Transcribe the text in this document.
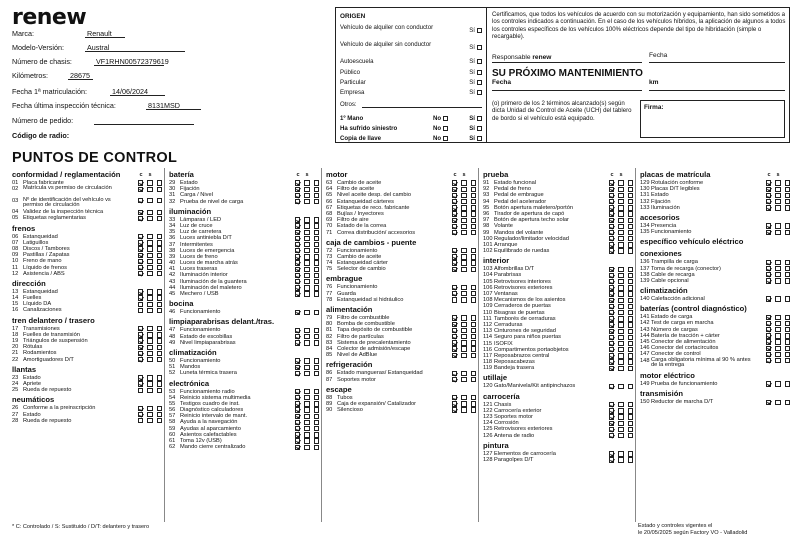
renew
Marca:	Renault
Modelo-Versión:	Austral
Número de chasis:	VF1RHN00572379619
Kilómetros:	28675
Fecha 1ª matriculación:	14/06/2024
Fecha última inspección técnica:	8131MSD
Número de pedido:
Código de radio:
ORIGEN
Vehículo de alquiler con conductor	Sí
Vehículo de alquiler sin conductor	Sí
Autoescuela	Sí
Público	Sí
Particular	Sí
Empresa	Sí
Otros:
1º Mano	No	Sí
Ha sufrido siniestro	No	Sí
Copia de llave	No	Sí
Certificamos, que todos los vehículos de acuerdo con su motorización y equipamiento, han sido sometidos a los controles indicados a continuación. En el caso de los vehículos híbridos, la aplicación de algunos a todos los controles específicos de los vehículos 100% eléctricos depende del tipo de hibridación (simple o recargable).
Responsable renew	Fecha
SU PRÓXIMO MANTENIMIENTO
Fecha	km
(o) primero de los 2 términos alcanzado(s) según dicta Unidad de Control de Aceite (UCH) del tablero de bordo si el vehículo está equipado.
Firma:
PUNTOS DE CONTROL
conformidad / reglamentación	c s
01 Placa fabricante
02 Matrícula vs permiso de circulación
03 Nº de identificación del vehículo vs permiso de circulación
04 Validez de la inspección técnica
05 Etiquetas reglamentarias
frenos
06 Estanqueidad
07 Latiguillos
08 Discos / Tambores
09 Pastillas / Zapatas
10 Freno de mano
11 Líquido de frenos
12 Asistencia / ABS
dirección
13 Estanqueidad
14 Fuelles
15 Líquido DA
16 Canalizaciones
tren delantero / trasero
17 Transmisiones
18 Fuelles de transmisión
19 Triángulos de suspensión
20 Rótulas
21 Rodamientos
22 Amortiguadores D/T
llantas
23 Estado
24 Apriete
25 Rueda de repuesto
neumáticos
26 Conforme a la preinscripción
27 Estado
28 Rueda de repuesto
batería	c s
29 Estado
30 Fijación
31 Carga / Nivel
32 Prueba de nivel de carga
iluminación
33 Lámparas / LED
34 Luz de cruce
35 Luz de carretera
36 Luces antiniebla D/T
37 Intermitentes
38 Luces de emergencia
39 Luces de freno
40 Luces de marcha atrás
41 Luces traseras
42 Iluminación interior
43 Iluminación de la guantera
44 Iluminación del maletero
45 Mechero / USB
bocina
46 Funcionamiento
limpiaparabrisas delant./tras.
47 Funcionamiento
48 Estado de escobillas
49 Nivel limpiaparabrisas
climatización
50 Funcionamiento
51 Mandos
52 Luneta térmica trasera
electrónica
53 Funcionamiento radio
54 Reinicio sistema multimedia
55 Testigos cuadro de inst.
56 Diagnóstico calculadores
57 Reinicio intervalo de mant.
58 Ayuda a la navegación
59 Ayudas al aparcamiento
60 Asientos calefactables
61 Toma 12v (USB)
62 Mando cierre centralizado
motor	c s
63 Cambio de aceite
64 Filtro de aceite
65 Nivel aceite desp. del cambio
66 Estanqueidad cárteres
67 Etiquetas de reco. fabricante
68 Bujías / Inyectores
69 Filtro de aire
70 Estado de la correa
71 Correa distribución/ accesorios
caja de cambios - puente
72 Funcionamiento
73 Cambio de aceite
74 Estanqueidad cárter
75 Selector de cambio
embrague
76 Funcionamiento
77 Guarda
78 Estanqueidad si hidráulico
alimentación
79 Filtro de combustible
80 Bomba de combustible
81 Tapa depósito de combustible
82 Filtro de partículas
83 Sistema de precalentamiento
84 Colector de admisión/escape
85 Nivel de AdBlue
refrigeración
86 Estado mangueras/ Estanqueidad
87 Soportes motor
escape
88 Tubos
89 Caja de expansión/ Catalizador
90 Silencioso
prueba	c s
91 Estado funcional
92 Pedal de freno
93 Pedal de embrague
94 Pedal del acelerador
95 Botón apertura maletero/portón
96 Tirador de apertura de capó
97 Botón de apertura techo solar
98 Volante
99 Mandos del volante
100 Regulador/limitador velocidad
101 Arranque
102 Equilibrado de ruedas
interior
103 Alfombrillas D/T
104 Parabrisas
105 Retrovisores interiores
106 Retrovisores exteriores
107 Ventanas
108 Mecanismos de los asientos
109 Cerraderos de puertas
110 Bisagras de puertas
111 Tamborés de cerraduras
112 Cerraduras
113 Cinturones de seguridad
114 Seguro para niños puertas
115 ISOFIX
116 Compartimentos portaobjetos
117 Reposabrazos central
118 Reposacabezas
119 Bandeja trasera
utillaje
120 Gato/Manivela/Kit antipinchazos
carrocería
121 Chasis
122 Carrocería exterior
123 Soportes motor
124 Corrosión
125 Retrovisores exteriores
126 Antena de radio
pintura
127 Elementos de carrocería
128 Paragolpes D/T
placas de matrícula	c s
129 Rotulación conforme
130 Placas D/T legibles
131 Estado
132 Fijación
133 Iluminación
accesorios
134 Presencia
135 Funcionamiento
específico vehículo eléctrico
conexiones
136 Trampilla de carga
137 Toma de recarga (conector)
138 Cable de recarga
139 Cable opcional
climatización
140 Calefacción adicional
baterías (control diagnóstico)
141 Estado de carga
142 Test de carga en marcha
143 Número de cargas
144 Batería de tracción + cárter
145 Conector de alimentación
146 Conector del cortacircuitos
147 Conector de control
148 Carga obligatoria mínima al 90 % antes de la entrega
motor eléctrico
149 Prueba de funcionamiento
transmisión
150 Reductor de marcha D/T
* C: Controlado / S: Sustituido / D/T: delantero y trasero	Estado y controles vigentes el
le 20/05/2025 según Factory VO - Valladolid
